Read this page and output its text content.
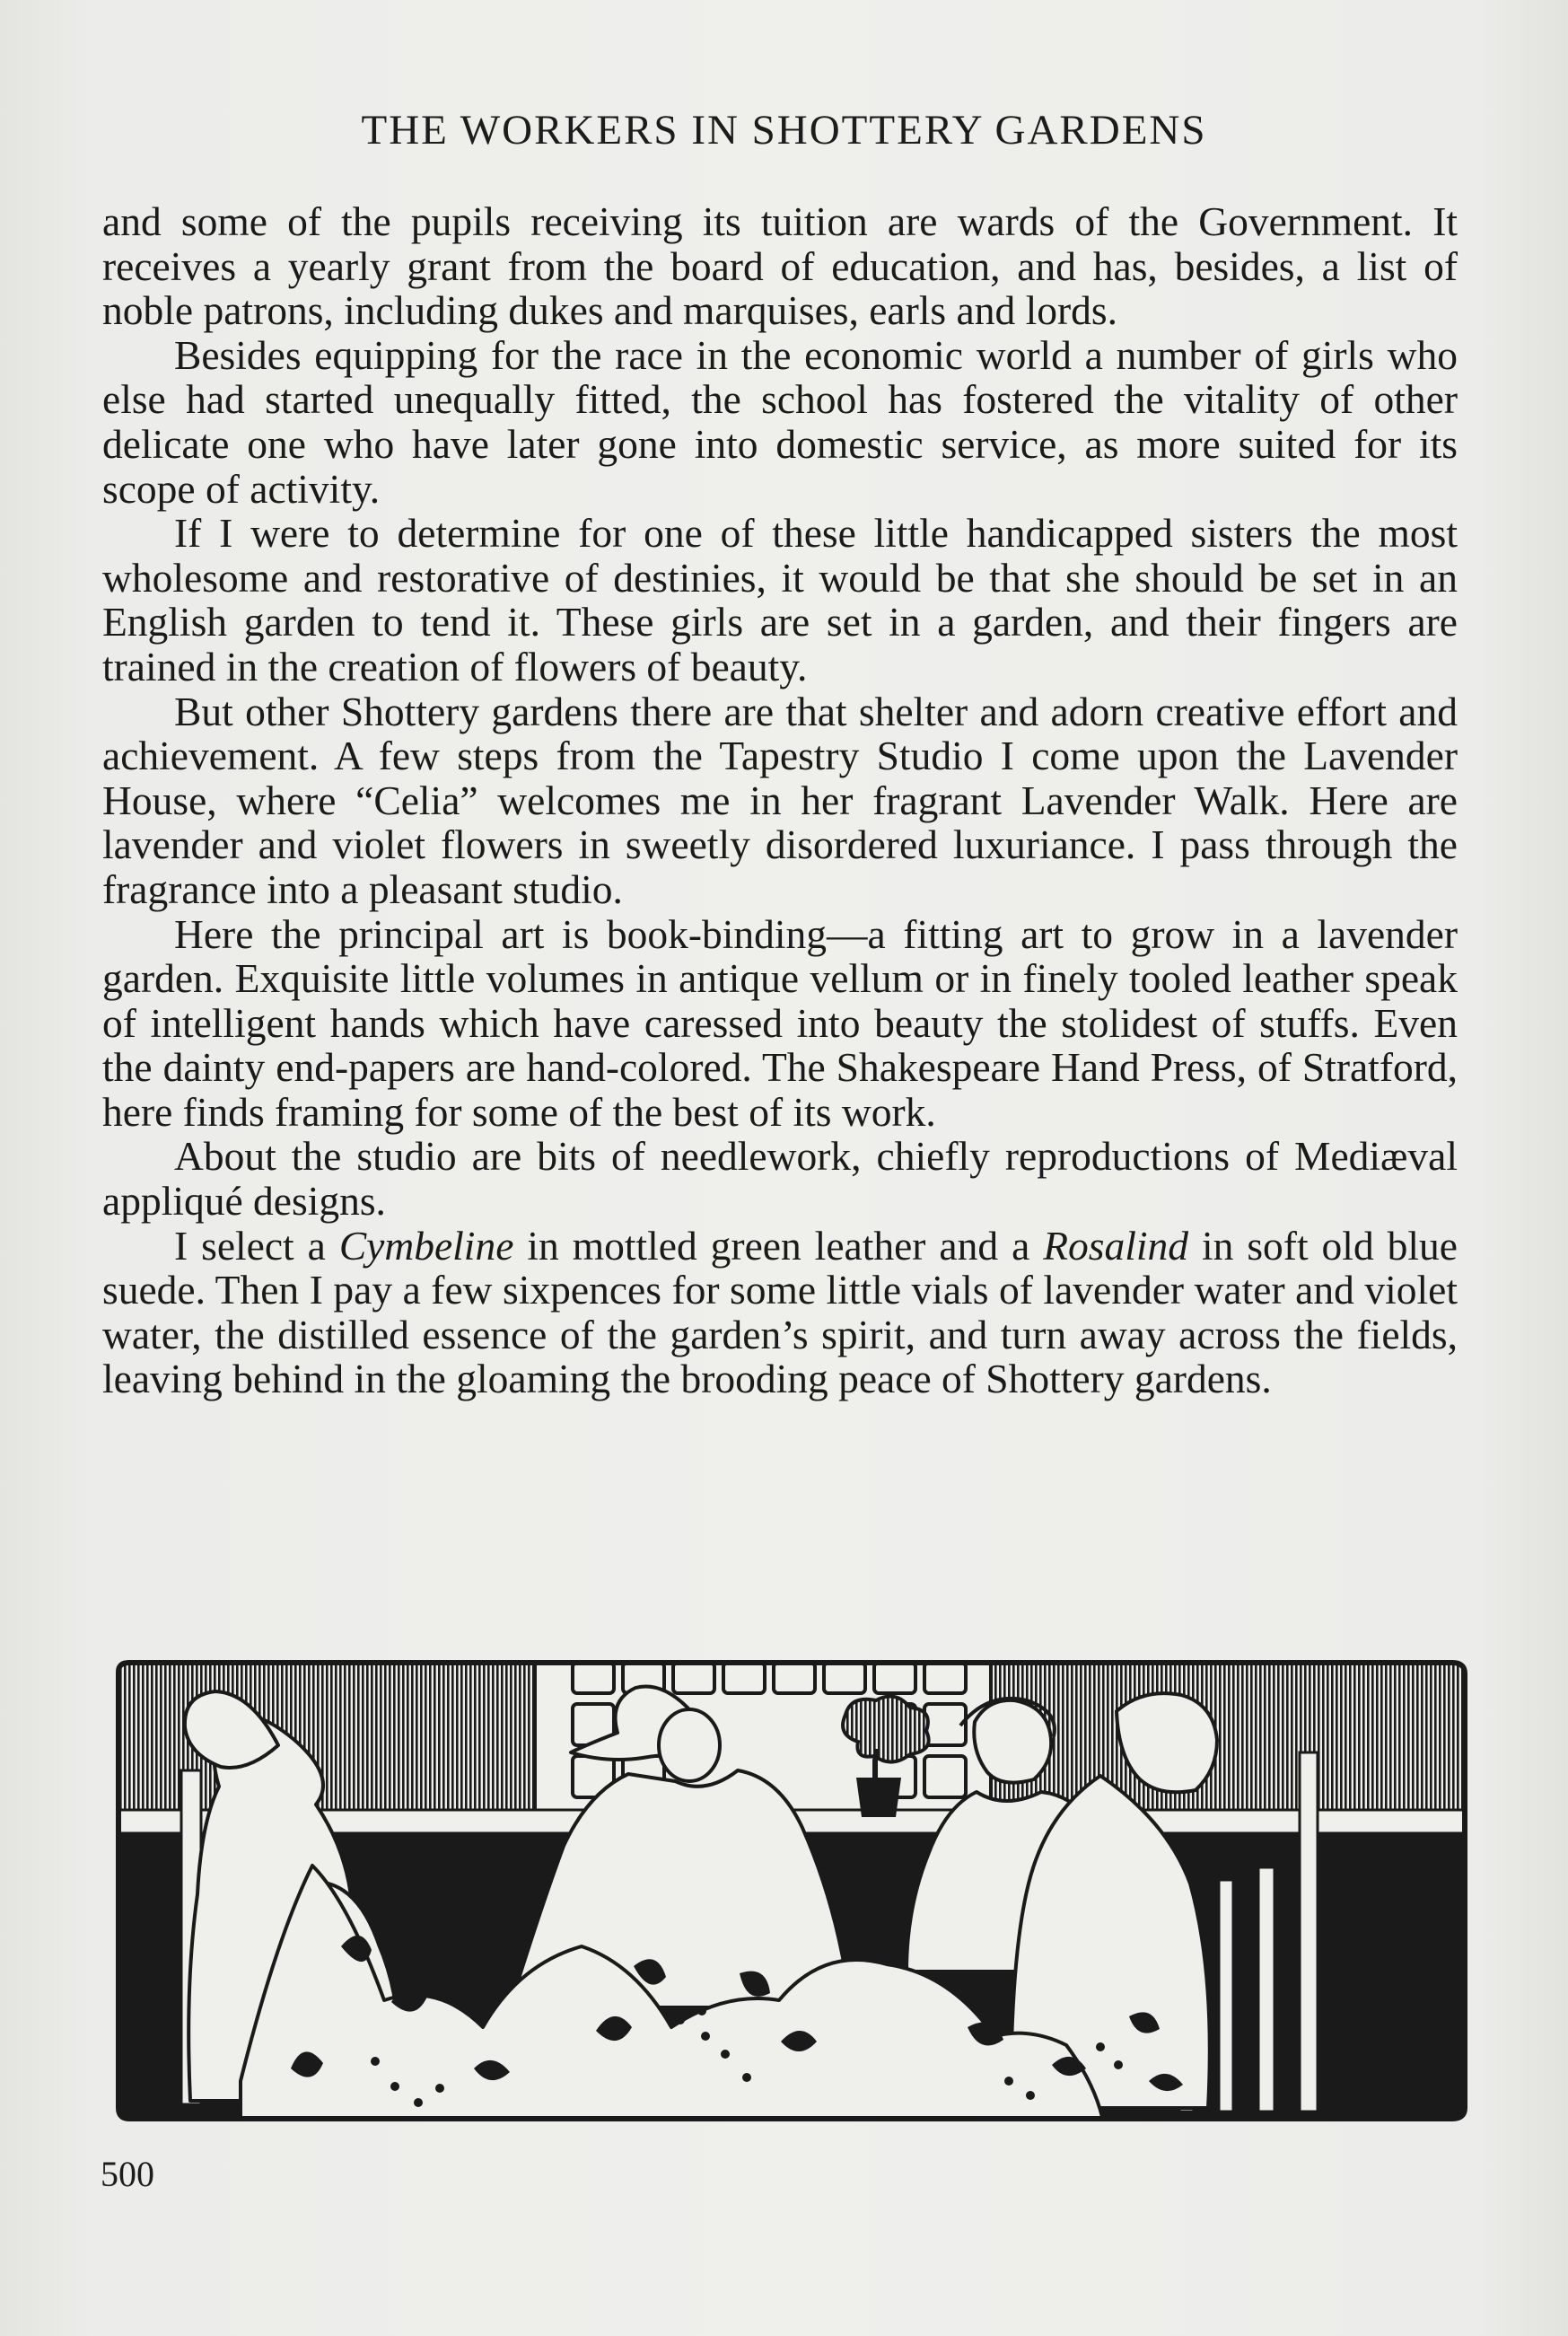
THE WORKERS IN SHOTTERY GARDENS

and some of the pupils receiving its tuition are wards of the Government. It receives a yearly grant from the board of education, and has, besides, a list of noble patrons, including dukes and marquises, earls and lords.

Besides equipping for the race in the economic world a number of girls who else had started unequally fitted, the school has fostered the vitality of other delicate one who have later gone into domestic service, as more suited for its scope of activity.

If I were to determine for one of these little handicapped sisters the most wholesome and restorative of destinies, it would be that she should be set in an English garden to tend it. These girls are set in a garden, and their fingers are trained in the creation of flowers of beauty.

But other Shottery gardens there are that shelter and adorn creative effort and achievement. A few steps from the Tapestry Studio I come upon the Lavender House, where “Celia” welcomes me in her fragrant Lavender Walk. Here are lavender and violet flowers in sweetly disordered luxuriance. I pass through the fragrance into a pleasant studio.

Here the principal art is book-binding—a fitting art to grow in a lavender garden. Exquisite little volumes in antique vellum or in finely tooled leather speak of intelligent hands which have caressed into beauty the stolidest of stuffs. Even the dainty end-papers are hand-colored. The Shakespeare Hand Press, of Stratford, here finds framing for some of the best of its work.

About the studio are bits of needlework, chiefly reproductions of Mediæval appliqué designs.

I select a Cymbeline in mottled green leather and a Rosalind in soft old blue suede. Then I pay a few sixpences for some little vials of lavender water and violet water, the distilled essence of the garden’s spirit, and turn away across the fields, leaving behind in the gloaming the brooding peace of Shottery gardens.

500
